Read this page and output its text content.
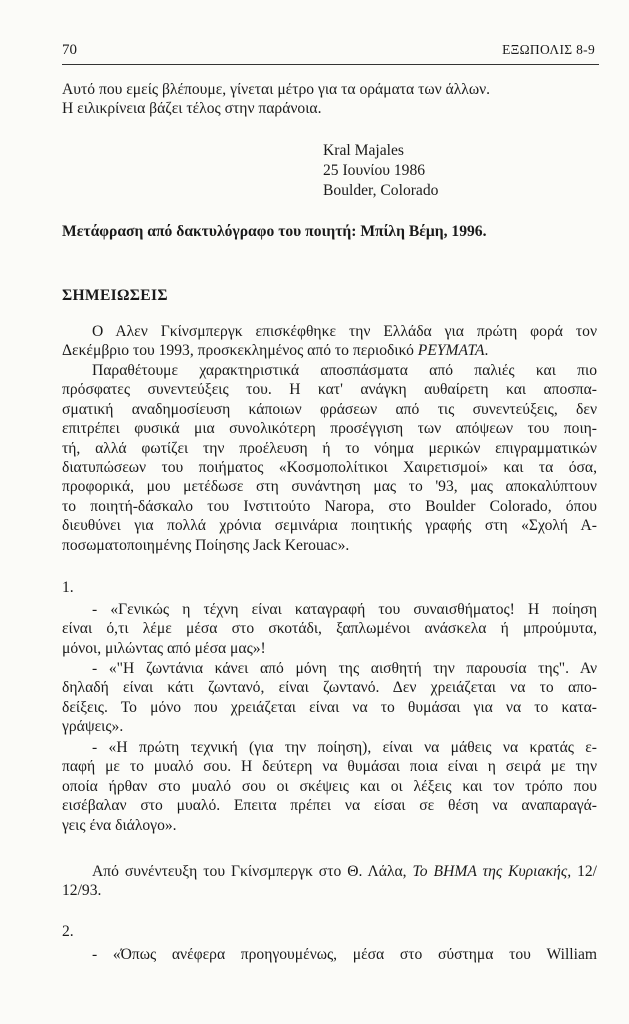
70	ΕΞΩΠΟΛΙΣ 8-9
Αυτό που εμείς βλέπουμε, γίνεται μέτρο για τα οράματα των άλλων.
Η ειλικρίνεια βάζει τέλος στην παράνοια.
Kral Majales
25 Ιουνίου 1986
Boulder, Colorado
Μετάφραση από δακτυλόγραφο του ποιητή: Μπίλη Βέμη, 1996.
ΣΗΜΕΙΩΣΕΙΣ
Ο Αλεν Γκίνσμπεργκ επισκέφθηκε την Ελλάδα για πρώτη φορά τον
Δεκέμβριο του 1993, προσκεκλημένος από το περιοδικό ΡΕΥΜΑΤΑ.
Παραθέτουμε χαρακτηριστικά αποσπάσματα από παλιές και πιο
πρόσφατες συνεντεύξεις του. Η κατ' ανάγκη αυθαίρετη και αποσπα-
σματική αναδημοσίευση κάποιων φράσεων από τις συνεντεύξεις, δεν
επιτρέπει φυσικά μια συνολικότερη προσέγγιση των απόψεων του ποιη-
τή, αλλά φωτίζει την προέλευση ή το νόημα μερικών επιγραμματικών
διατυπώσεων του ποιήματος «Κοσμοπολίτικοι Χαιρετισμοί» και τα όσα,
προφορικά, μου μετέδωσε στη συνάντηση μας το '93, μας αποκαλύπτουν
το ποιητή-δάσκαλο του Ινστιτούτο Naropa, στο Boulder Colorado, όπου
διευθύνει για πολλά χρόνια σεμινάρια ποιητικής γραφής στη «Σχολή Α-
ποσωματοποιημένης Ποίησης Jack Kerouac».
1.
- «Γενικώς η τέχνη είναι καταγραφή του συναισθήματος! Η ποίηση
είναι ό,τι λέμε μέσα στο σκοτάδι, ξαπλωμένοι ανάσκελα ή μπρούμυτα,
μόνοι, μιλώντας από μέσα μας»!
- «"Η ζωντάνια κάνει από μόνη της αισθητή την παρουσία της". Αν
δηλαδή είναι κάτι ζωντανό, είναι ζωντανό. Δεν χρειάζεται να το απο-
δείξεις. Το μόνο που χρειάζεται είναι να το θυμάσαι για να το κατα-
γράψεις».
- «Η πρώτη τεχνική (για την ποίηση), είναι να μάθεις να κρατάς ε-
παφή με το μυαλό σου. Η δεύτερη να θυμάσαι ποια είναι η σειρά με την
οποία ήρθαν στο μυαλό σου οι σκέψεις και οι λέξεις και τον τρόπο που
εισέβαλαν στο μυαλό. Επειτα πρέπει να είσαι σε θέση να αναπαραγά-
γεις ένα διάλογο».
Από συνέντευξη του Γκίνσμπεργκ στο Θ. Λάλα, Το ΒΗΜΑ της Κυριακής, 12/
12/93.
2.
- «Όπως ανέφερα προηγουμένως, μέσα στο σύστημα του William
